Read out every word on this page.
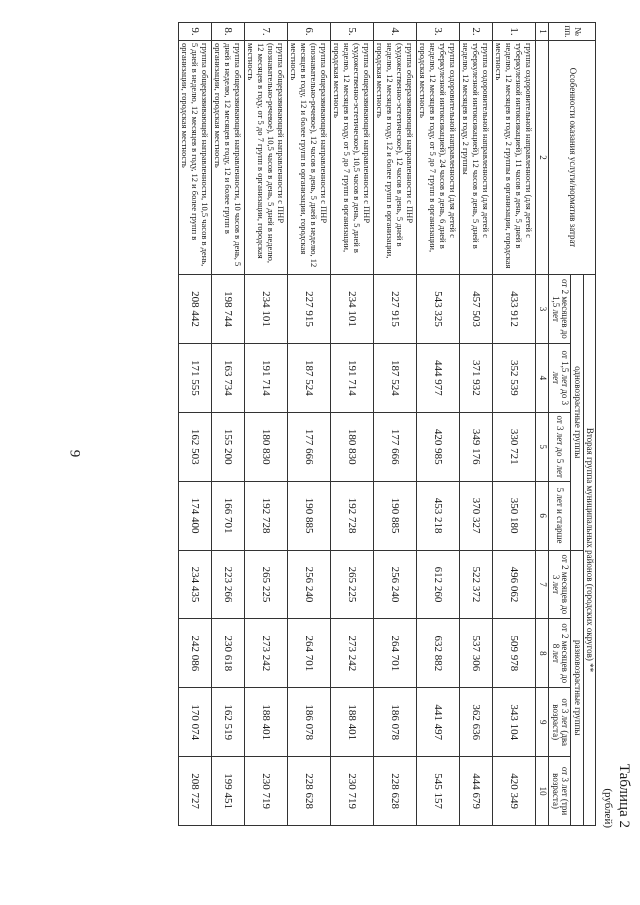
9
Таблица 2
(рублей)
№ пп.	Особенности оказания услуги/норматив затрат	Вторая группа муниципальных районов (городских округов) **							
		одновозрастные группы				разновозрастные группы			
		от 2 месяцев до 1,5 лет	от 1,5 лет до 3 лет	от 3 лет до 5 лет	5 лет и старше	от 2 месяцев до 3 лет	от 2 месяцев до 8 лет	от 3 лет (два возраста)	от 3 лет (три возраста)
1	2	3	4	5	6	7	8	9	10
1.	группа оздоровительной направленности (для детей с туберкулезной интоксикацией), 11 часов в день, 5 дней в неделю, 12 месяцев в году, 2 группы в организации, городская местность	433 912	352 539	330 721	350 180	496 062	509 978	343 104	420 349
2.	группа оздоровительной направленности (для детей с туберкулезной интоксикацией), 12 часов в день, 5 дней в неделю, 12 месяцев в году, 2 группы	457 503	371 932	349 176	370 327	522 372	537 306	362 636	444 679
3.	группа оздоровительной направленности (для детей с туберкулезной интоксикацией), 24 часов в день, 6 дней в неделю, 12 месяцев в году, от 5 до 7 групп в организации, городская местность	543 325	444 977	420 985	453 218	612 260	632 882	441 497	545 157
4.	группа общеразвивающей направленности с ПНР (художественно-эстетическое), 12 часов в день, 5 дней в неделю, 12 месяцев в году, 12 и более групп в организации, городская местность	227 915	187 524	177 666	190 885	256 240	264 701	186 078	228 628
5.	группа общеразвивающей направленности с ПНР (художественно-эстетическое), 10,5 часов в день, 5 дней в неделю, 12 месяцев в году, от 5 до 7 групп в организации, городская местность	234 101	191 714	180 830	192 728	265 225	273 242	188 401	230 719
6.	группа общеразвивающей направленности с ПНР (познавательно-речевое), 12 часов в день, 5 дней в неделю, 12 месяцев в году, 12 и более групп в организации, городская местность	227 915	187 524	177 666	190 885	256 240	264 701	186 078	228 628
7.	группа общеразвивающей направленности с ПНР (познавательно-речевое), 10,5 часов в день, 5 дней в неделю, 12 месяцев в году, от 5 до 7 групп в организации, городская местность	234 101	191 714	180 830	192 728	265 225	273 242	188 401	230 719
8.	группа общеразвивающей направленности, 10 часов в день, 5 дней в неделю, 12 месяцев в году, 12 и более групп в организации, городская местность	198 744	163 734	155 200	166 701	223 266	230 618	162 519	199 451
9.	группа общеразвивающей направленности, 10,5 часов в день, 5 дней в неделю, 12 месяцев в году, 12 и более групп в организации, городская местность	208 442	171 555	162 503	174 400	234 435	242 086	170 074	208 727
